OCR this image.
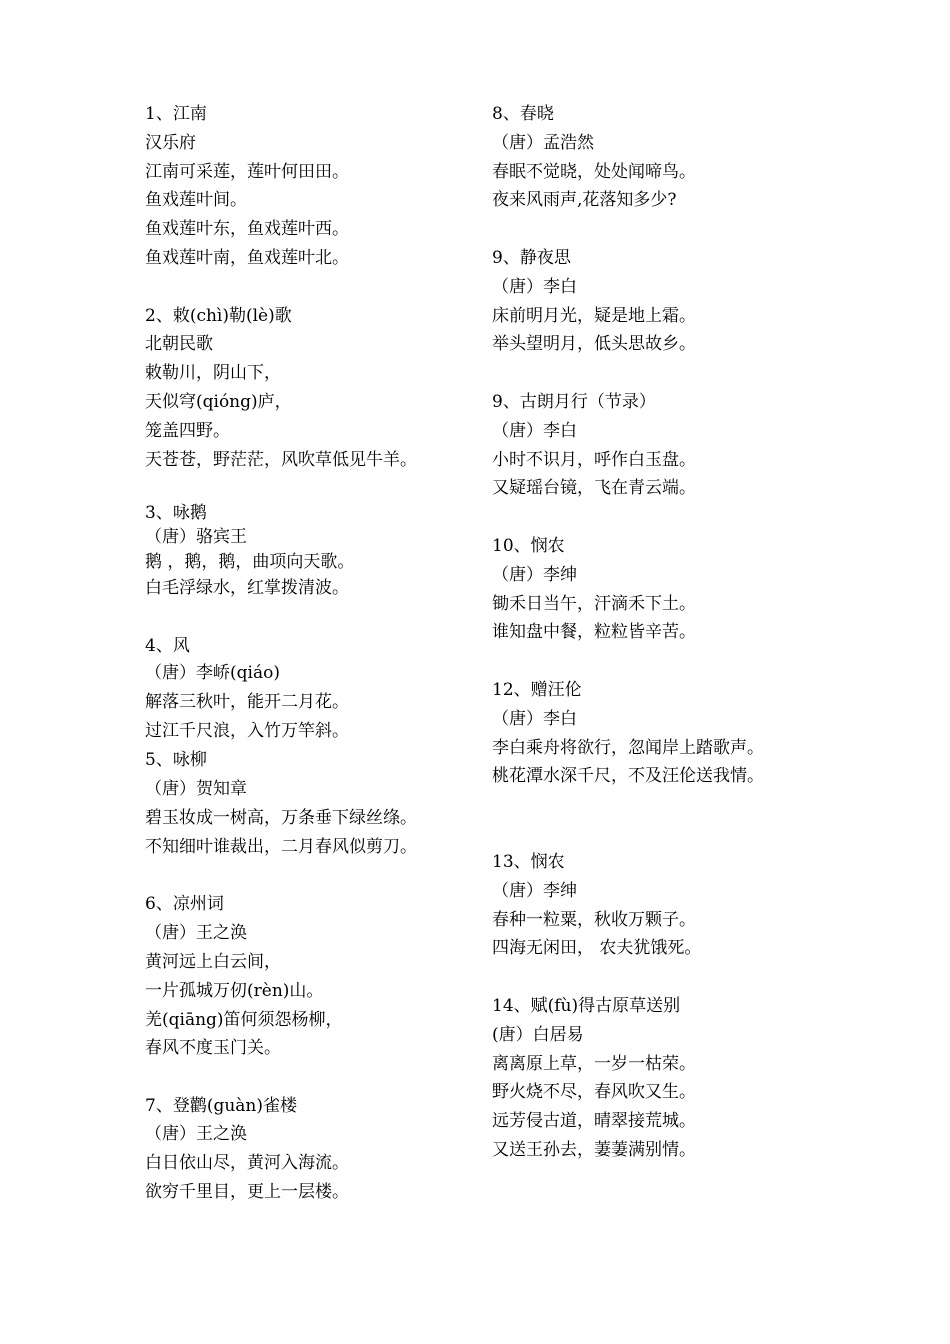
1、江南
汉乐府
江南可采莲，莲叶何田田。
鱼戏莲叶间。
鱼戏莲叶东，鱼戏莲叶西。
鱼戏莲叶南，鱼戏莲叶北。
2、敕(chì)勒(lè)歌
北朝民歌
敕勒川，阴山下，
天似穹(qióng)庐，
笼盖四野。
天苍苍，野茫茫，风吹草低见牛羊。
3、咏鹅
（唐）骆宾王
鹅 ，鹅，鹅，曲项向天歌。
白毛浮绿水，红掌拨清波。
4、风
（唐）李峤(qiáo)
解落三秋叶，能开二月花。
过江千尺浪，入竹万竿斜。
5、咏柳
（唐）贺知章
碧玉妆成一树高，万条垂下绿丝绦。
不知细叶谁裁出，二月春风似剪刀。
6、凉州词
（唐）王之涣
黄河远上白云间，
一片孤城万仞(rèn)山。
羌(qiāng)笛何须怨杨柳，
春风不度玉门关。
7、登鹳(guàn)雀楼
（唐）王之涣
白日依山尽，黄河入海流。
欲穷千里目，更上一层楼。
8、春晓
（唐）孟浩然
春眠不觉晓，处处闻啼鸟。
夜来风雨声,花落知多少?
9、静夜思
（唐）李白
床前明月光，疑是地上霜。
举头望明月，低头思故乡。
9、古朗月行（节录）
（唐）李白
小时不识月，呼作白玉盘。
又疑瑶台镜，飞在青云端。
10、悯农
（唐）李绅
锄禾日当午，汗滴禾下土。
谁知盘中餐，粒粒皆辛苦。
12、赠汪伦
（唐）李白
李白乘舟将欲行，忽闻岸上踏歌声。
桃花潭水深千尺，不及汪伦送我情。
13、悯农
（唐）李绅
春种一粒粟，秋收万颗子。
四海无闲田， 农夫犹饿死。
14、赋(fù)得古原草送别
(唐）白居易
离离原上草，一岁一枯荣。
野火烧不尽，春风吹又生。
远芳侵古道，晴翠接荒城。
又送王孙去，萋萋满别情。
